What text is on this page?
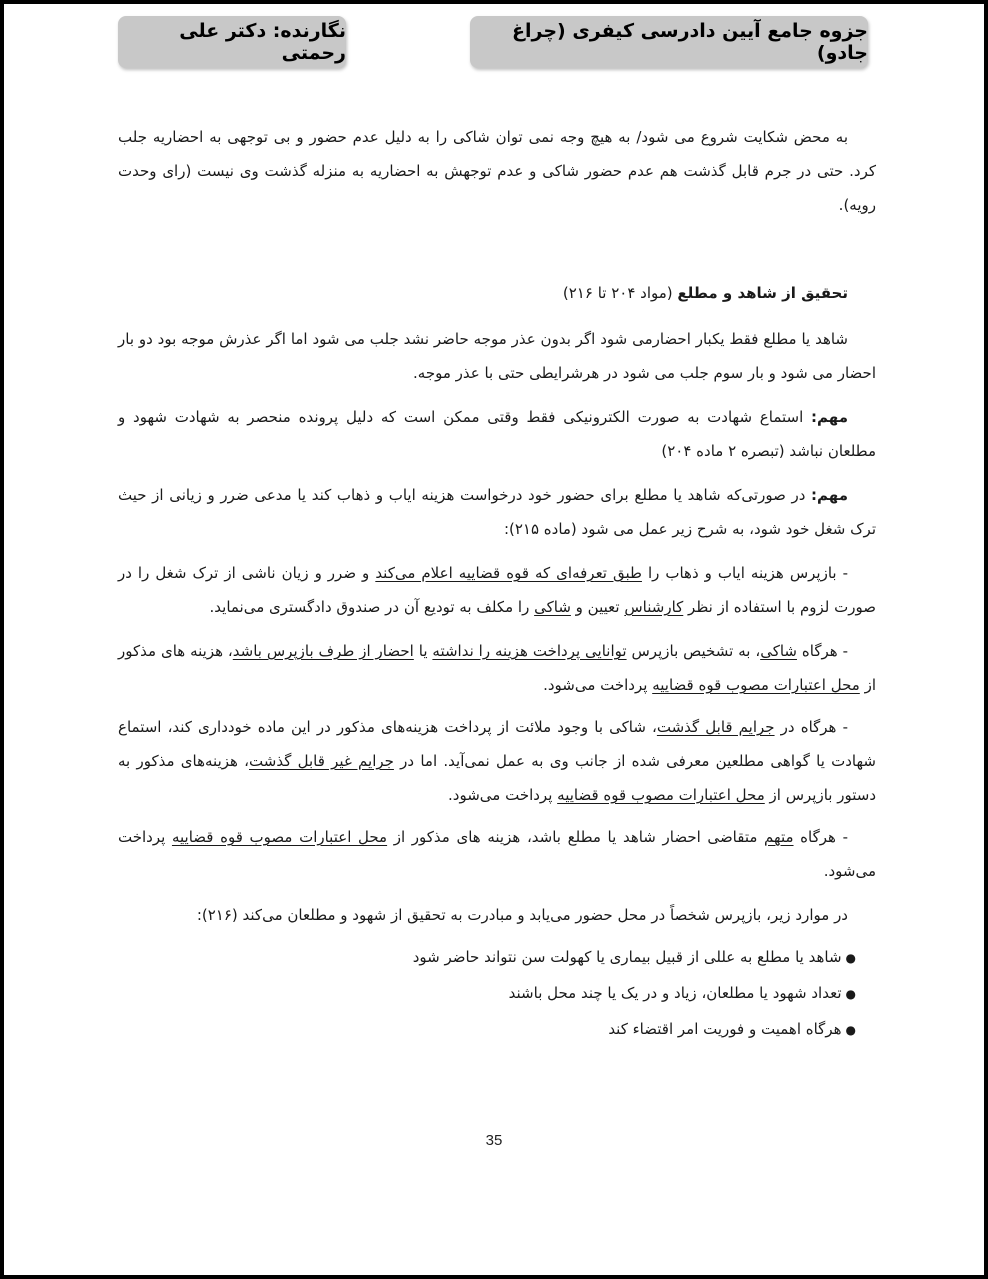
جزوه جامع آیین دادرسی کیفری (چراغ جادو)
نگارنده: دکتر علی رحمتی

به محض شکایت شروع می شود/ به هیچ وجه نمی توان شاکی را به دلیل عدم حضور و بی توجهی به احضاریه جلب کرد. حتی در جرم قابل گذشت هم عدم حضور شاکی و عدم توجهش به احضاریه به منزله گذشت وی نیست (رای وحدت رویه).

تحقیق از شاهد و مطلع (مواد ۲۰۴ تا ۲۱۶)

شاهد یا مطلع فقط یکبار احضارمی شود اگر بدون عذر موجه حاضر نشد جلب می شود اما اگر عذرش موجه بود دو بار احضار می شود و بار سوم جلب می شود در هرشرایطی حتی با عذر موجه.

مهم: استماع شهادت به صورت الکترونیکی فقط وقتی ممکن است که دلیل پرونده منحصر به شهادت شهود و مطلعان نباشد (تبصره ۲ ماده ۲۰۴)

مهم: در صورتی‌که شاهد یا مطلع برای حضور خود درخواست هزینه ایاب و ذهاب کند یا مدعی ضرر و زیانی از حیث ترک شغل خود شود، به شرح زیر عمل می شود (ماده ۲۱۵):

- بازپرس هزینه ایاب و ذهاب را طبق تعرفه‌ای که قوه قضاییه اعلام می‌کند و ضرر و زیان ناشی از ترک شغل را در صورت لزوم با استفاده از نظر کارشناس تعیین و شاکی را مکلف به تودیع آن در صندوق دادگستری می‌نماید.

- هرگاه شاکی، به تشخیص بازپرس توانایی پرداخت هزینه را نداشته یا احضار از طرف بازپرس باشد، هزینه های مذکور از محل اعتبارات مصوب قوه قضاییه پرداخت می‌شود.

- هرگاه در جرایم قابل گذشت، شاکی با وجود ملائت از پرداخت هزینه‌های مذکور در این ماده خودداری کند، استماع شهادت یا گواهی مطلعین معرفی شده از جانب وی به عمل نمی‌آید. اما در جرایم غیر قابل گذشت، هزینه‌های مذکور به دستور بازپرس از محل اعتبارات مصوب قوه قضاییه پرداخت می‌شود.

- هرگاه متهم متقاضی احضار شاهد یا مطلع باشد، هزینه های مذکور از محل اعتبارات مصوب قوه قضاییه پرداخت می‌شود.

در موارد زیر، بازپرس شخصاً در محل حضور می‌یابد و مبادرت به تحقیق از شهود و مطلعان می‌کند (۲۱۶):

● شاهد یا مطلع به عللی از قبیل بیماری یا کهولت سن نتواند حاضر شود
● تعداد شهود یا مطلعان، زیاد و در یک یا چند محل باشند
● هرگاه اهمیت و فوریت امر اقتضاء کند
35
